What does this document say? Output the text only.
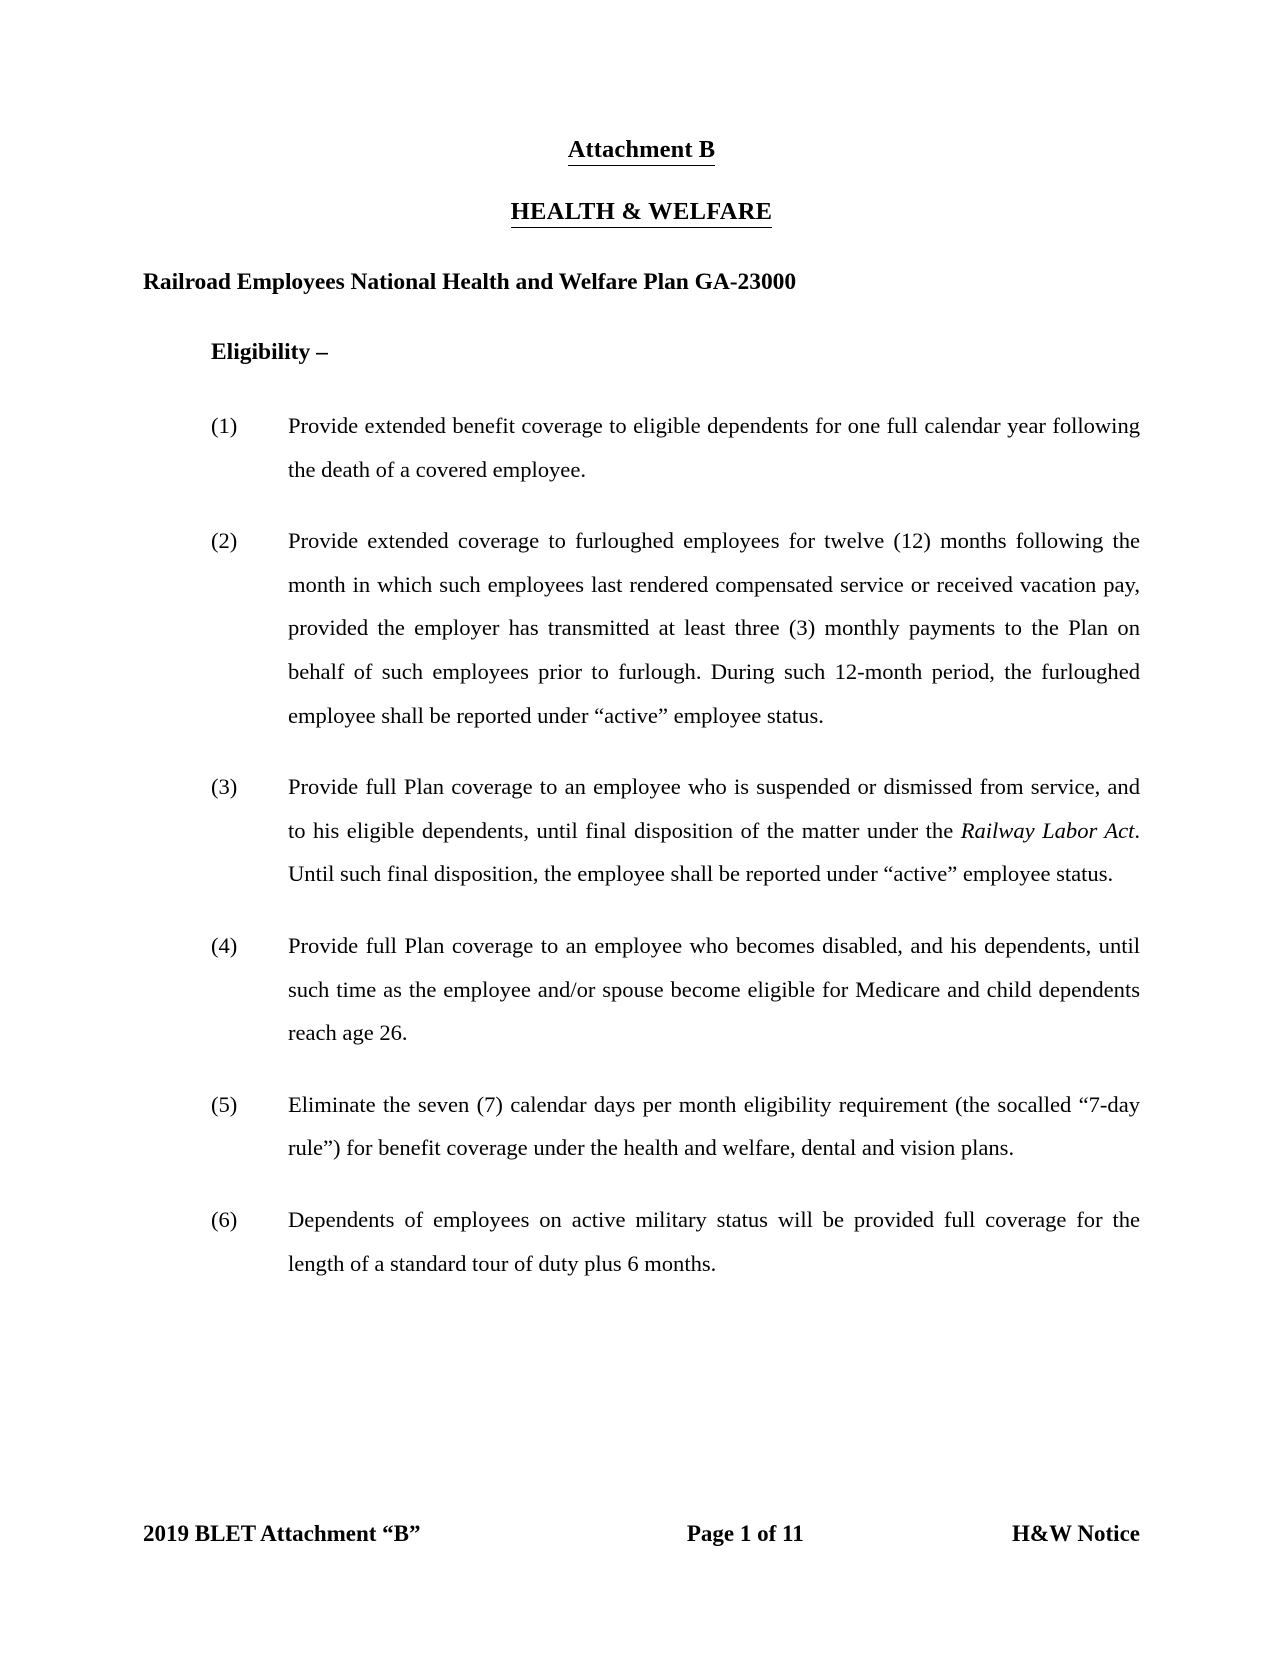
Attachment B
HEALTH & WELFARE
Railroad Employees National Health and Welfare Plan GA-23000
Eligibility –
(1) Provide extended benefit coverage to eligible dependents for one full calendar year following the death of a covered employee.
(2) Provide extended coverage to furloughed employees for twelve (12) months following the month in which such employees last rendered compensated service or received vacation pay, provided the employer has transmitted at least three (3) monthly payments to the Plan on behalf of such employees prior to furlough. During such 12-month period, the furloughed employee shall be reported under “active” employee status.
(3) Provide full Plan coverage to an employee who is suspended or dismissed from service, and to his eligible dependents, until final disposition of the matter under the Railway Labor Act. Until such final disposition, the employee shall be reported under “active” employee status.
(4) Provide full Plan coverage to an employee who becomes disabled, and his dependents, until such time as the employee and/or spouse become eligible for Medicare and child dependents reach age 26.
(5) Eliminate the seven (7) calendar days per month eligibility requirement (the socalled “7-day rule”) for benefit coverage under the health and welfare, dental and vision plans.
(6) Dependents of employees on active military status will be provided full coverage for the length of a standard tour of duty plus 6 months.
2019 BLET Attachment “B”	Page 1 of 11	H&W Notice
